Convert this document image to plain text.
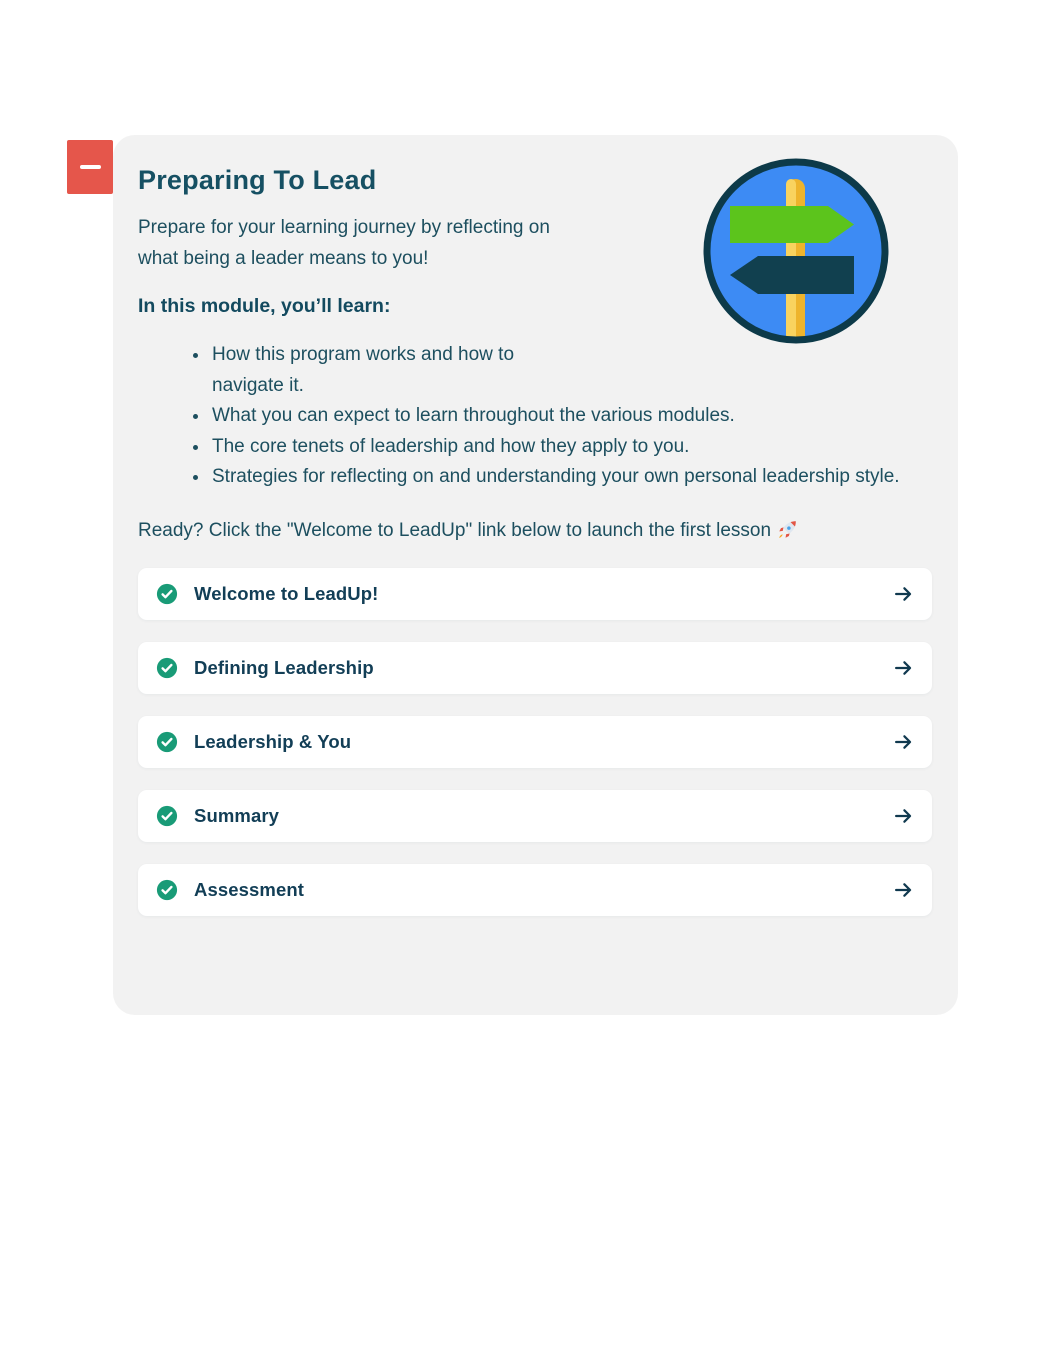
Preparing To Lead

Prepare for your learning journey by reflecting on what being a leader means to you!

In this module, you’ll learn:

• How this program works and how to navigate it.
• What you can expect to learn throughout the various modules.
• The core tenets of leadership and how they apply to you.
• Strategies for reflecting on and understanding your own personal leadership style.

Ready? Click the "Welcome to LeadUp" link below to launch the first lesson

Welcome to LeadUp!
Defining Leadership
Leadership & You
Summary
Assessment
